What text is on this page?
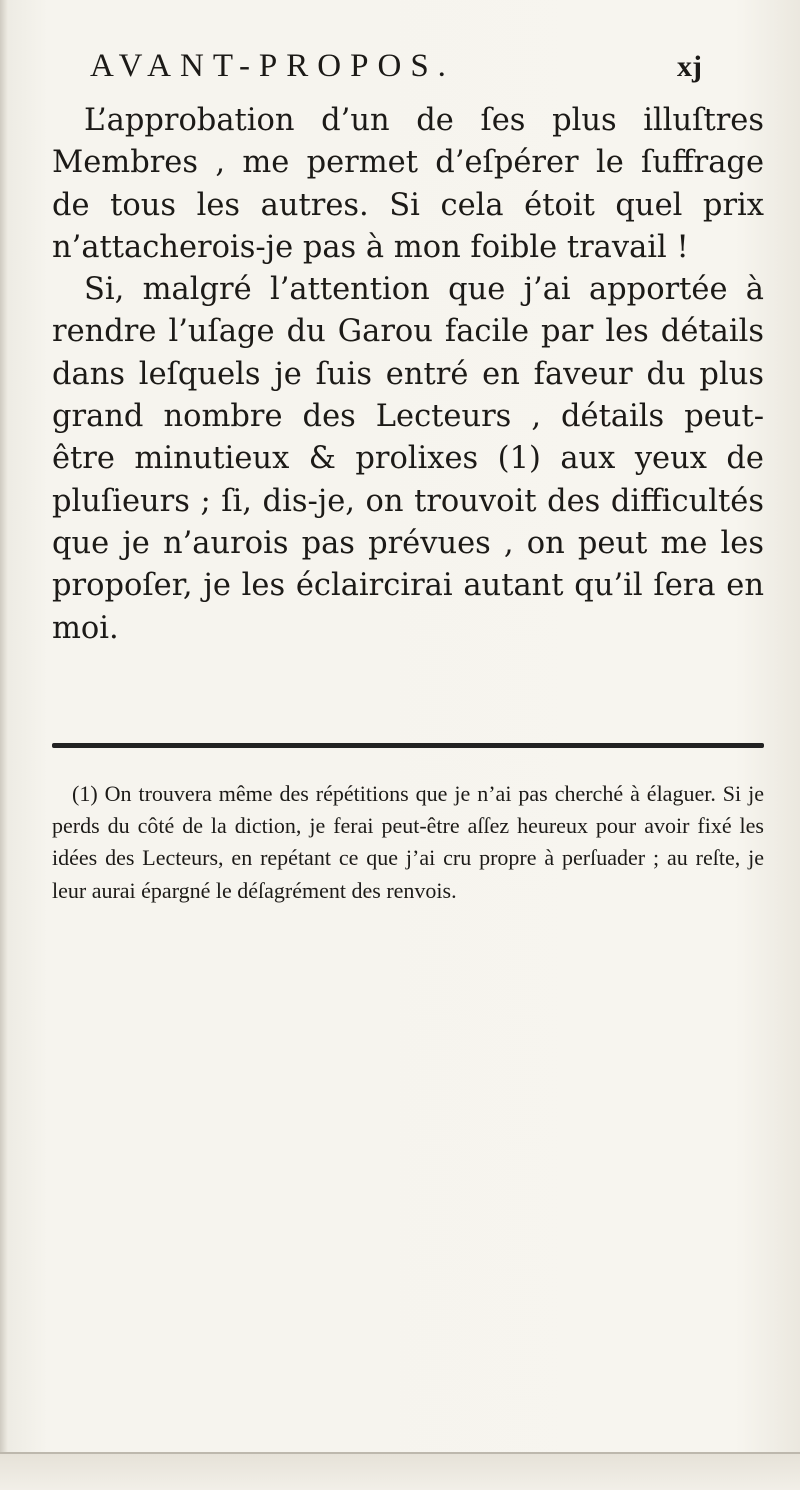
AVANT-PROPOS.	xj

L’approbation d’un de ſes plus illuſtres Membres , me permet d’eſpérer le ſuffrage de tous les autres. Si cela étoit quel prix n’attacherois-je pas à mon foible travail !

Si, malgré l’attention que j’ai apportée à rendre l’uſage du Garou facile par les détails dans leſquels je ſuis entré en faveur du plus grand nombre des Lecteurs , détails peut-être minutieux & prolixes (1) aux yeux de pluſieurs ; ſi, dis-je, on trouvoit des difficultés que je n’aurois pas prévues , on peut me les propoſer, je les éclaircirai autant qu’il ſera en moi.

(1) On trouvera même des répétitions que je n’ai pas cherché à élaguer. Si je perds du côté de la diction, je ferai peut-être aſſez heureux pour avoir fixé les idées des Lecteurs, en repétant ce que j’ai cru propre à perſuader ; au reſte, je leur aurai épargné le déſagrément des renvois.
